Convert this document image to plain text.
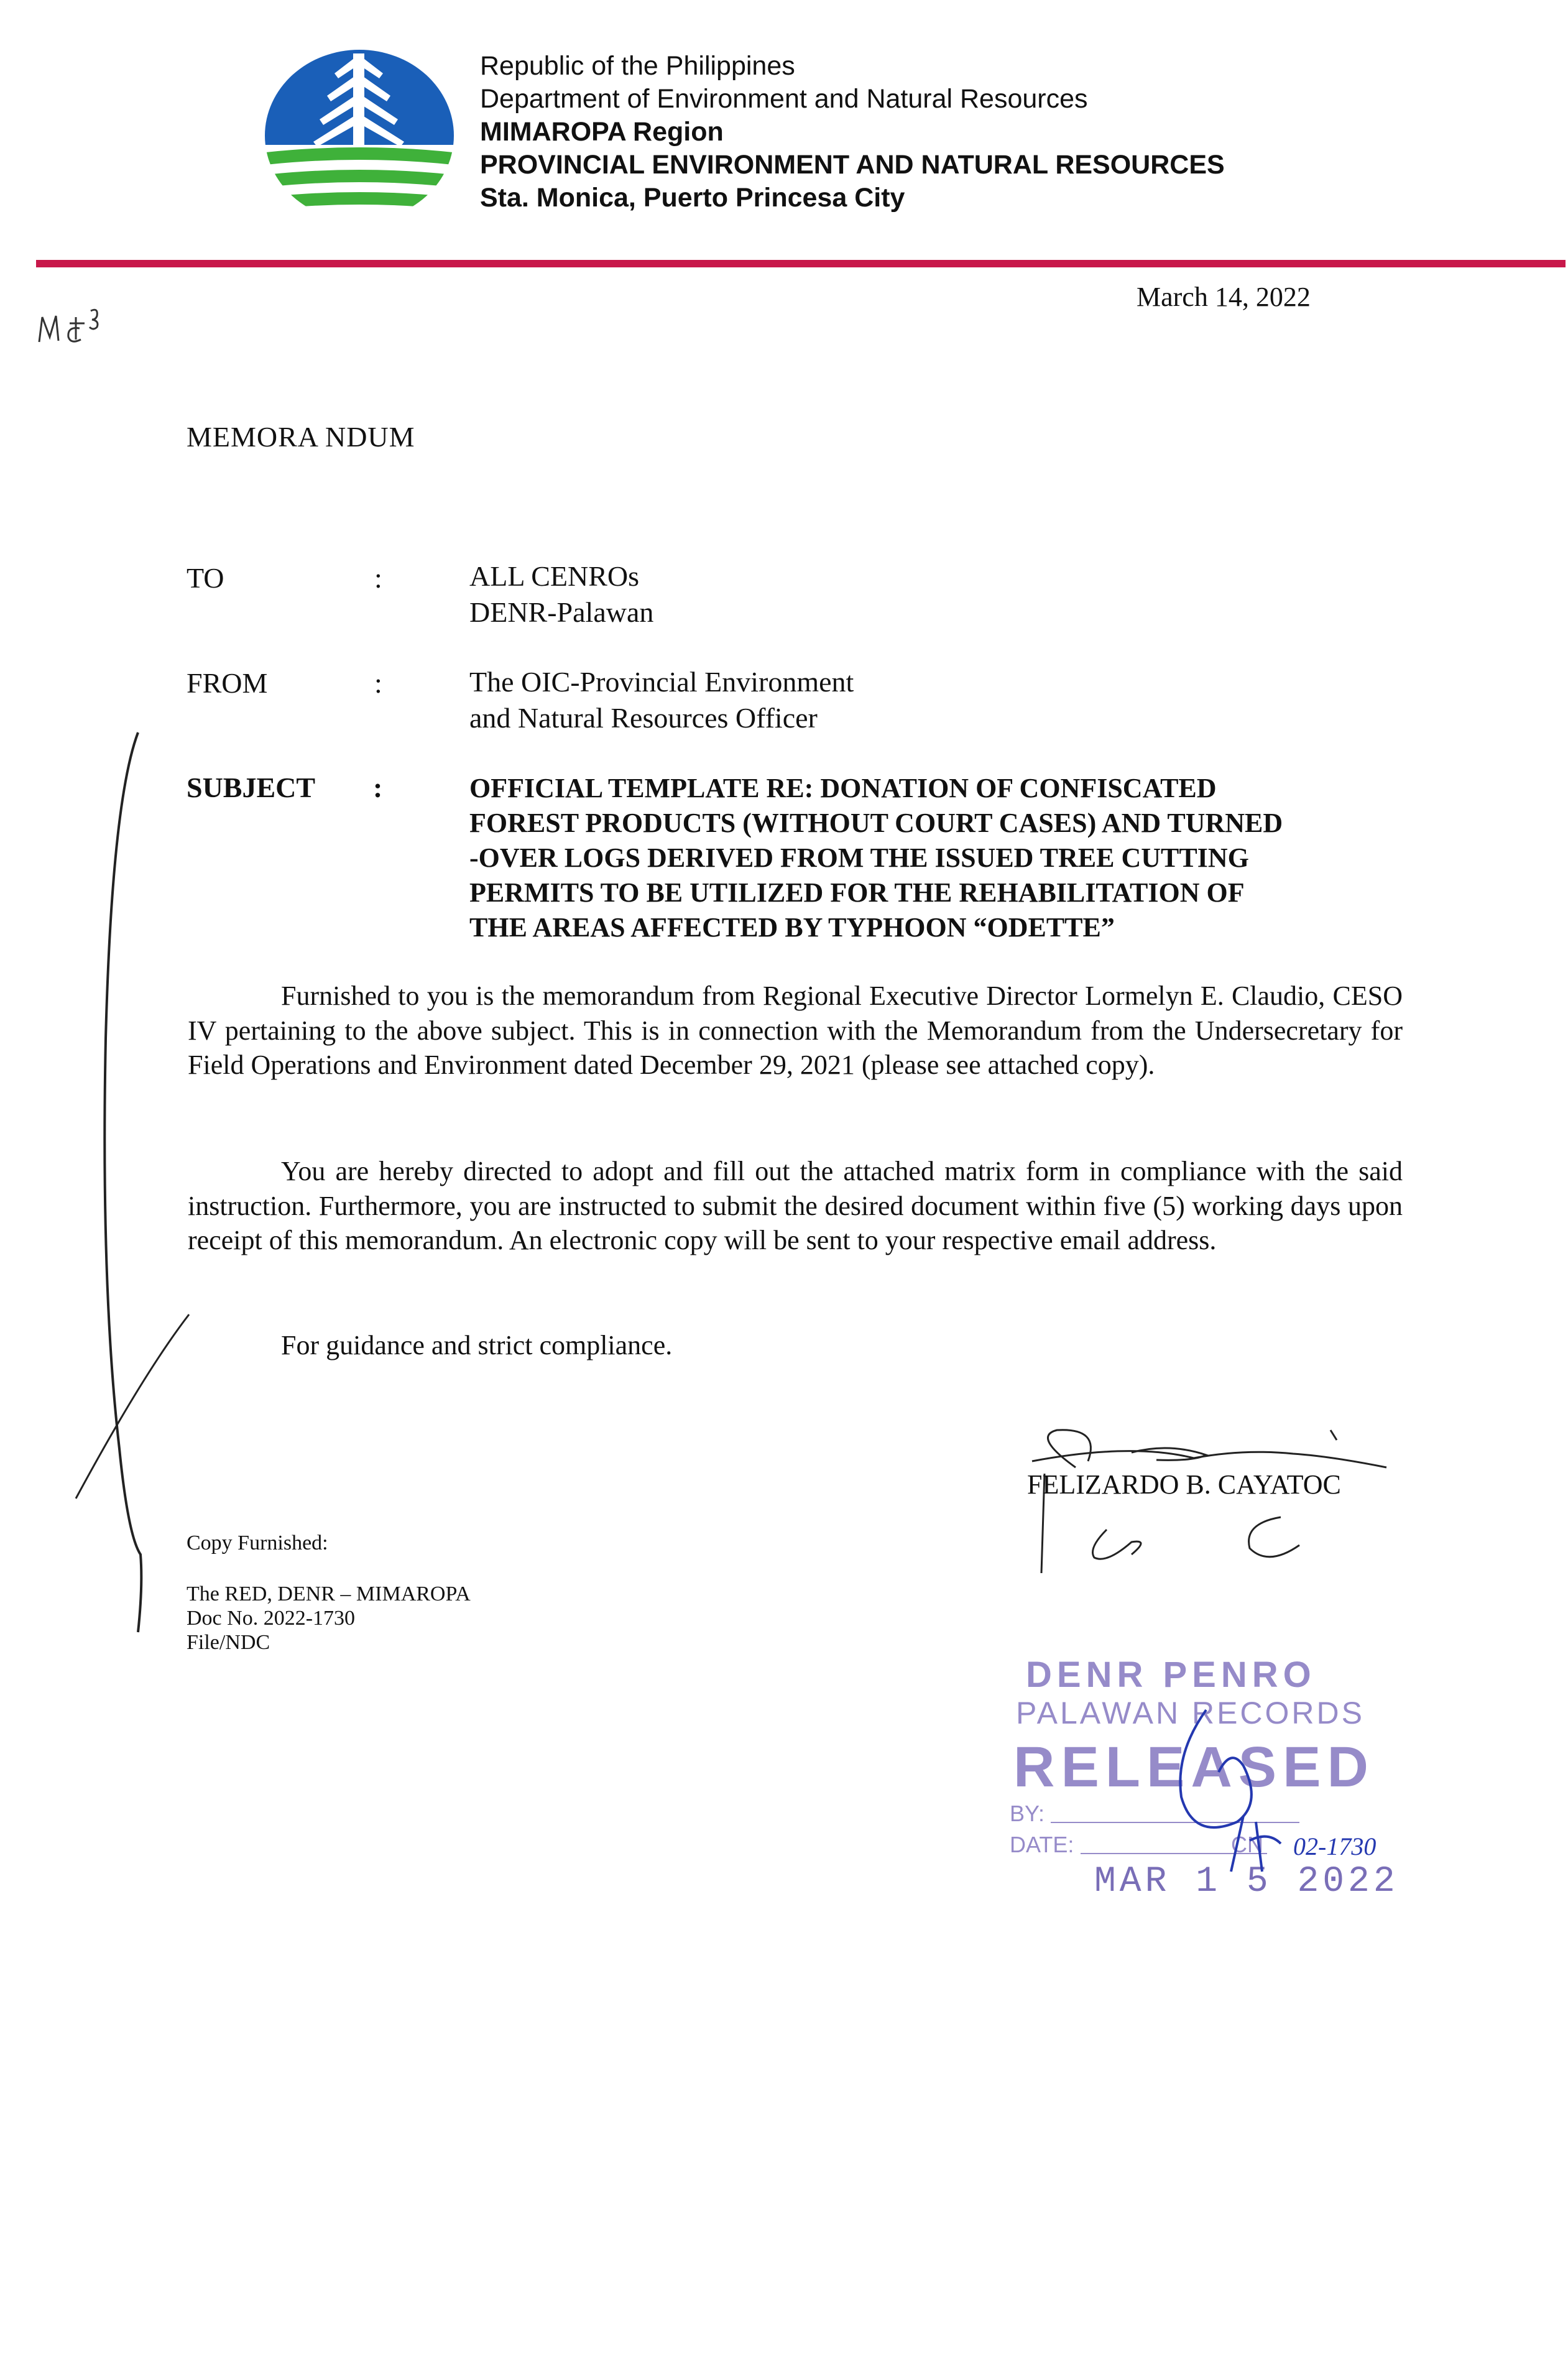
Republic of the Philippines
Department of Environment and Natural Resources
MIMAROPA Region
PROVINCIAL ENVIRONMENT AND NATURAL RESOURCES
Sta. Monica, Puerto Princesa City
March 14, 2022
Mc
MEMORA NDUM
TO	:	ALL CENROs
DENR-Palawan
FROM	:	The OIC-Provincial Environment
and Natural Resources Officer
SUBJECT :	OFFICIAL TEMPLATE RE: DONATION OF CONFISCATED
FOREST PRODUCTS (WITHOUT COURT CASES) AND TURNED
-OVER LOGS DERIVED FROM THE ISSUED TREE CUTTING
PERMITS TO BE UTILIZED FOR THE REHABILITATION OF
THE AREAS AFFECTED BY TYPHOON “ODETTE”
Furnished to you is the memorandum from Regional Executive Director Lormelyn E. Claudio, CESO IV pertaining to the above subject. This is in connection with the Memorandum from the Undersecretary for Field Operations and Environment dated December 29, 2021 (please see attached copy).
You are hereby directed to adopt and fill out the attached matrix form in compliance with the said instruction. Furthermore, you are instructed to submit the desired document within five (5) working days upon receipt of this memorandum. An electronic copy will be sent to your respective email address.
For guidance and strict compliance.
FELIZARDO B. CAYATOC
Copy Furnished:
The RED, DENR – MIMAROPA
Doc No. 2022-1730
File/NDC
DENR PENRO
PALAWAN RECORDS
RELEASED
BY:
DATE:	CN
MAR 1 5 2022
02-1730
